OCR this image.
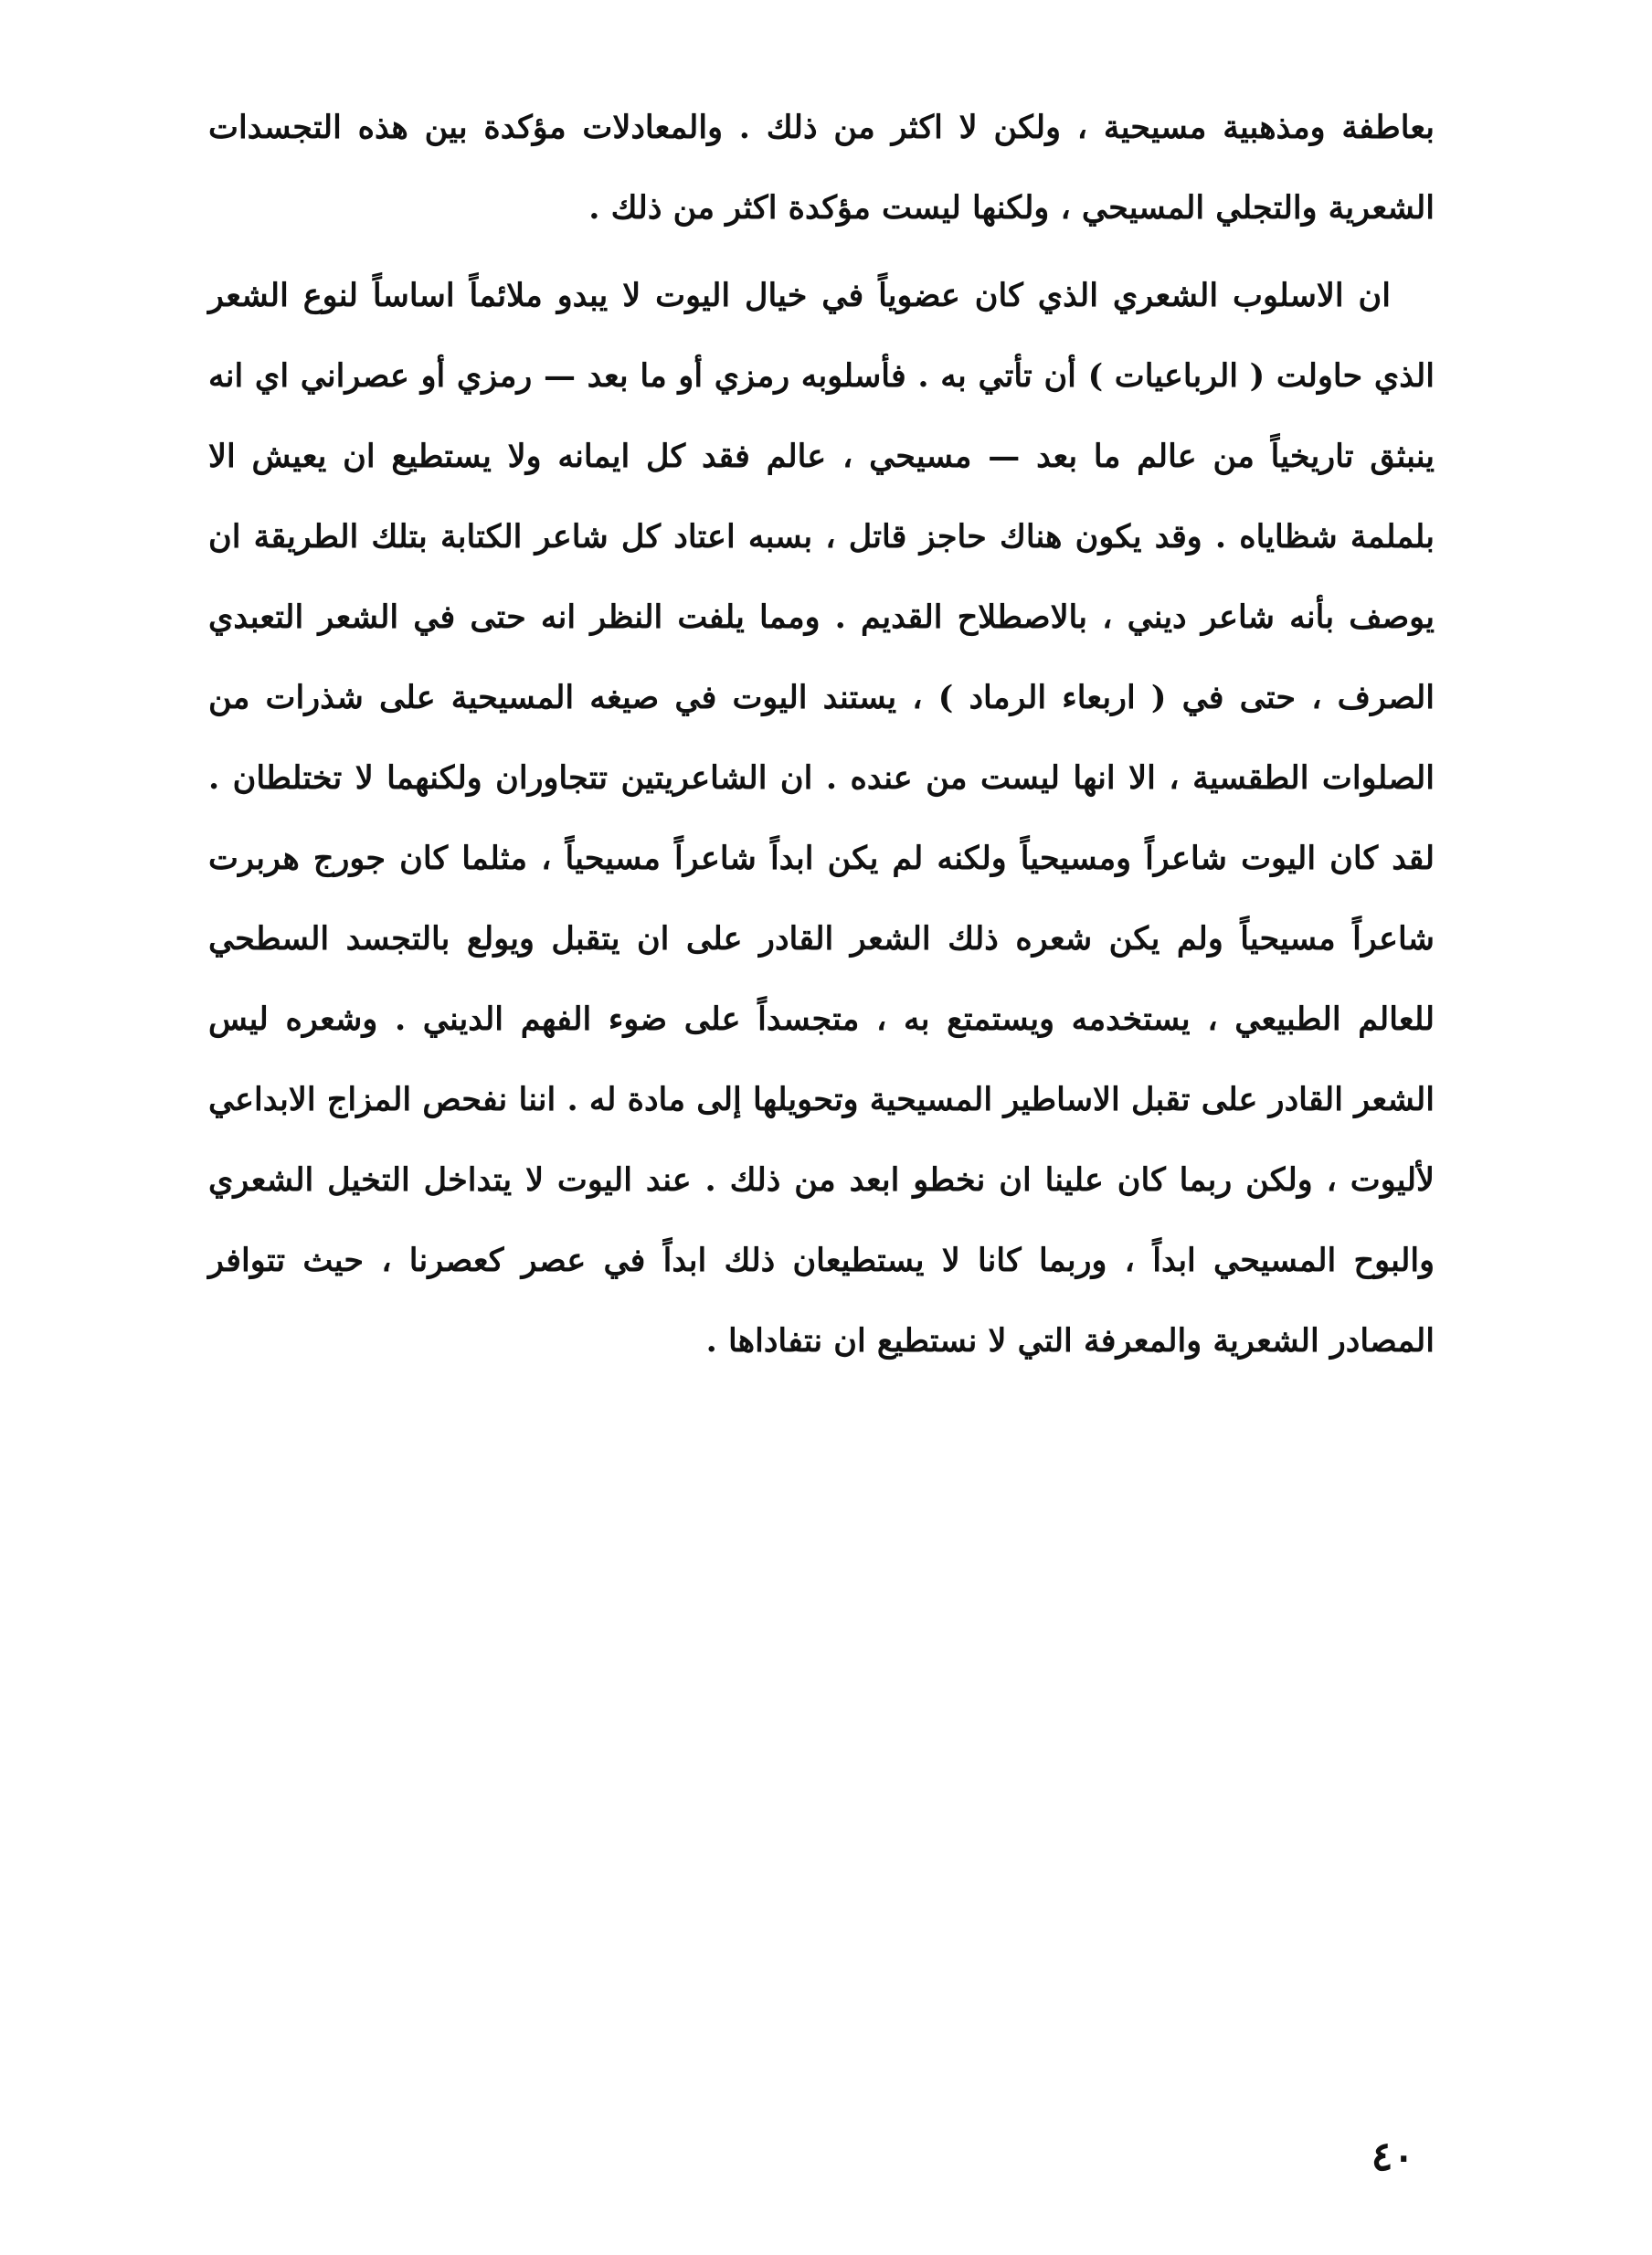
بعاطفة ومذهبية مسيحية ، ولكن لا اكثر من ذلك . والمعادلات مؤكدة بين هذه التجسدات الشعرية والتجلي المسيحي ، ولكنها ليست مؤكدة اكثر من ذلك .

ان الاسلوب الشعري الذي كان عضوياً في خيال اليوت لا يبدو ملائماً اساساً لنوع الشعر الذي حاولت ( الرباعيات ) أن تأتي به . فأسلوبه رمزي أو ما بعد — رمزي أو عصراني اي انه ينبثق تاريخياً من عالم ما بعد — مسيحي ، عالم فقد كل ايمانه ولا يستطيع ان يعيش الا بلملمة شظاياه . وقد يكون هناك حاجز قاتل ، بسبه اعتاد كل شاعر الكتابة بتلك الطريقة ان يوصف بأنه شاعر ديني ، بالاصطلاح القديم . ومما يلفت النظر انه حتى في الشعر التعبدي الصرف ، حتى في ( اربعاء الرماد ) ، يستند اليوت في صيغه المسيحية على شذرات من الصلوات الطقسية ، الا انها ليست من عنده . ان الشاعريتين تتجاوران ولكنهما لا تختلطان . لقد كان اليوت شاعراً ومسيحياً ولكنه لم يكن ابداً شاعراً مسيحياً ، مثلما كان جورج هربرت شاعراً مسيحياً ولم يكن شعره ذلك الشعر القادر على ان يتقبل ويولع بالتجسد السطحي للعالم الطبيعي ، يستخدمه ويستمتع به ، متجسداً على ضوء الفهم الديني . وشعره ليس الشعر القادر على تقبل الاساطير المسيحية وتحويلها إلى مادة له . اننا نفحص المزاج الابداعي لأليوت ، ولكن ربما كان علينا ان نخطو ابعد من ذلك . عند اليوت لا يتداخل التخيل الشعري والبوح المسيحي ابداً ، وربما كانا لا يستطيعان ذلك ابداً في عصر كعصرنا ، حيث تتوافر المصادر الشعرية والمعرفة التي لا نستطيع ان نتفاداها .

٤٠
